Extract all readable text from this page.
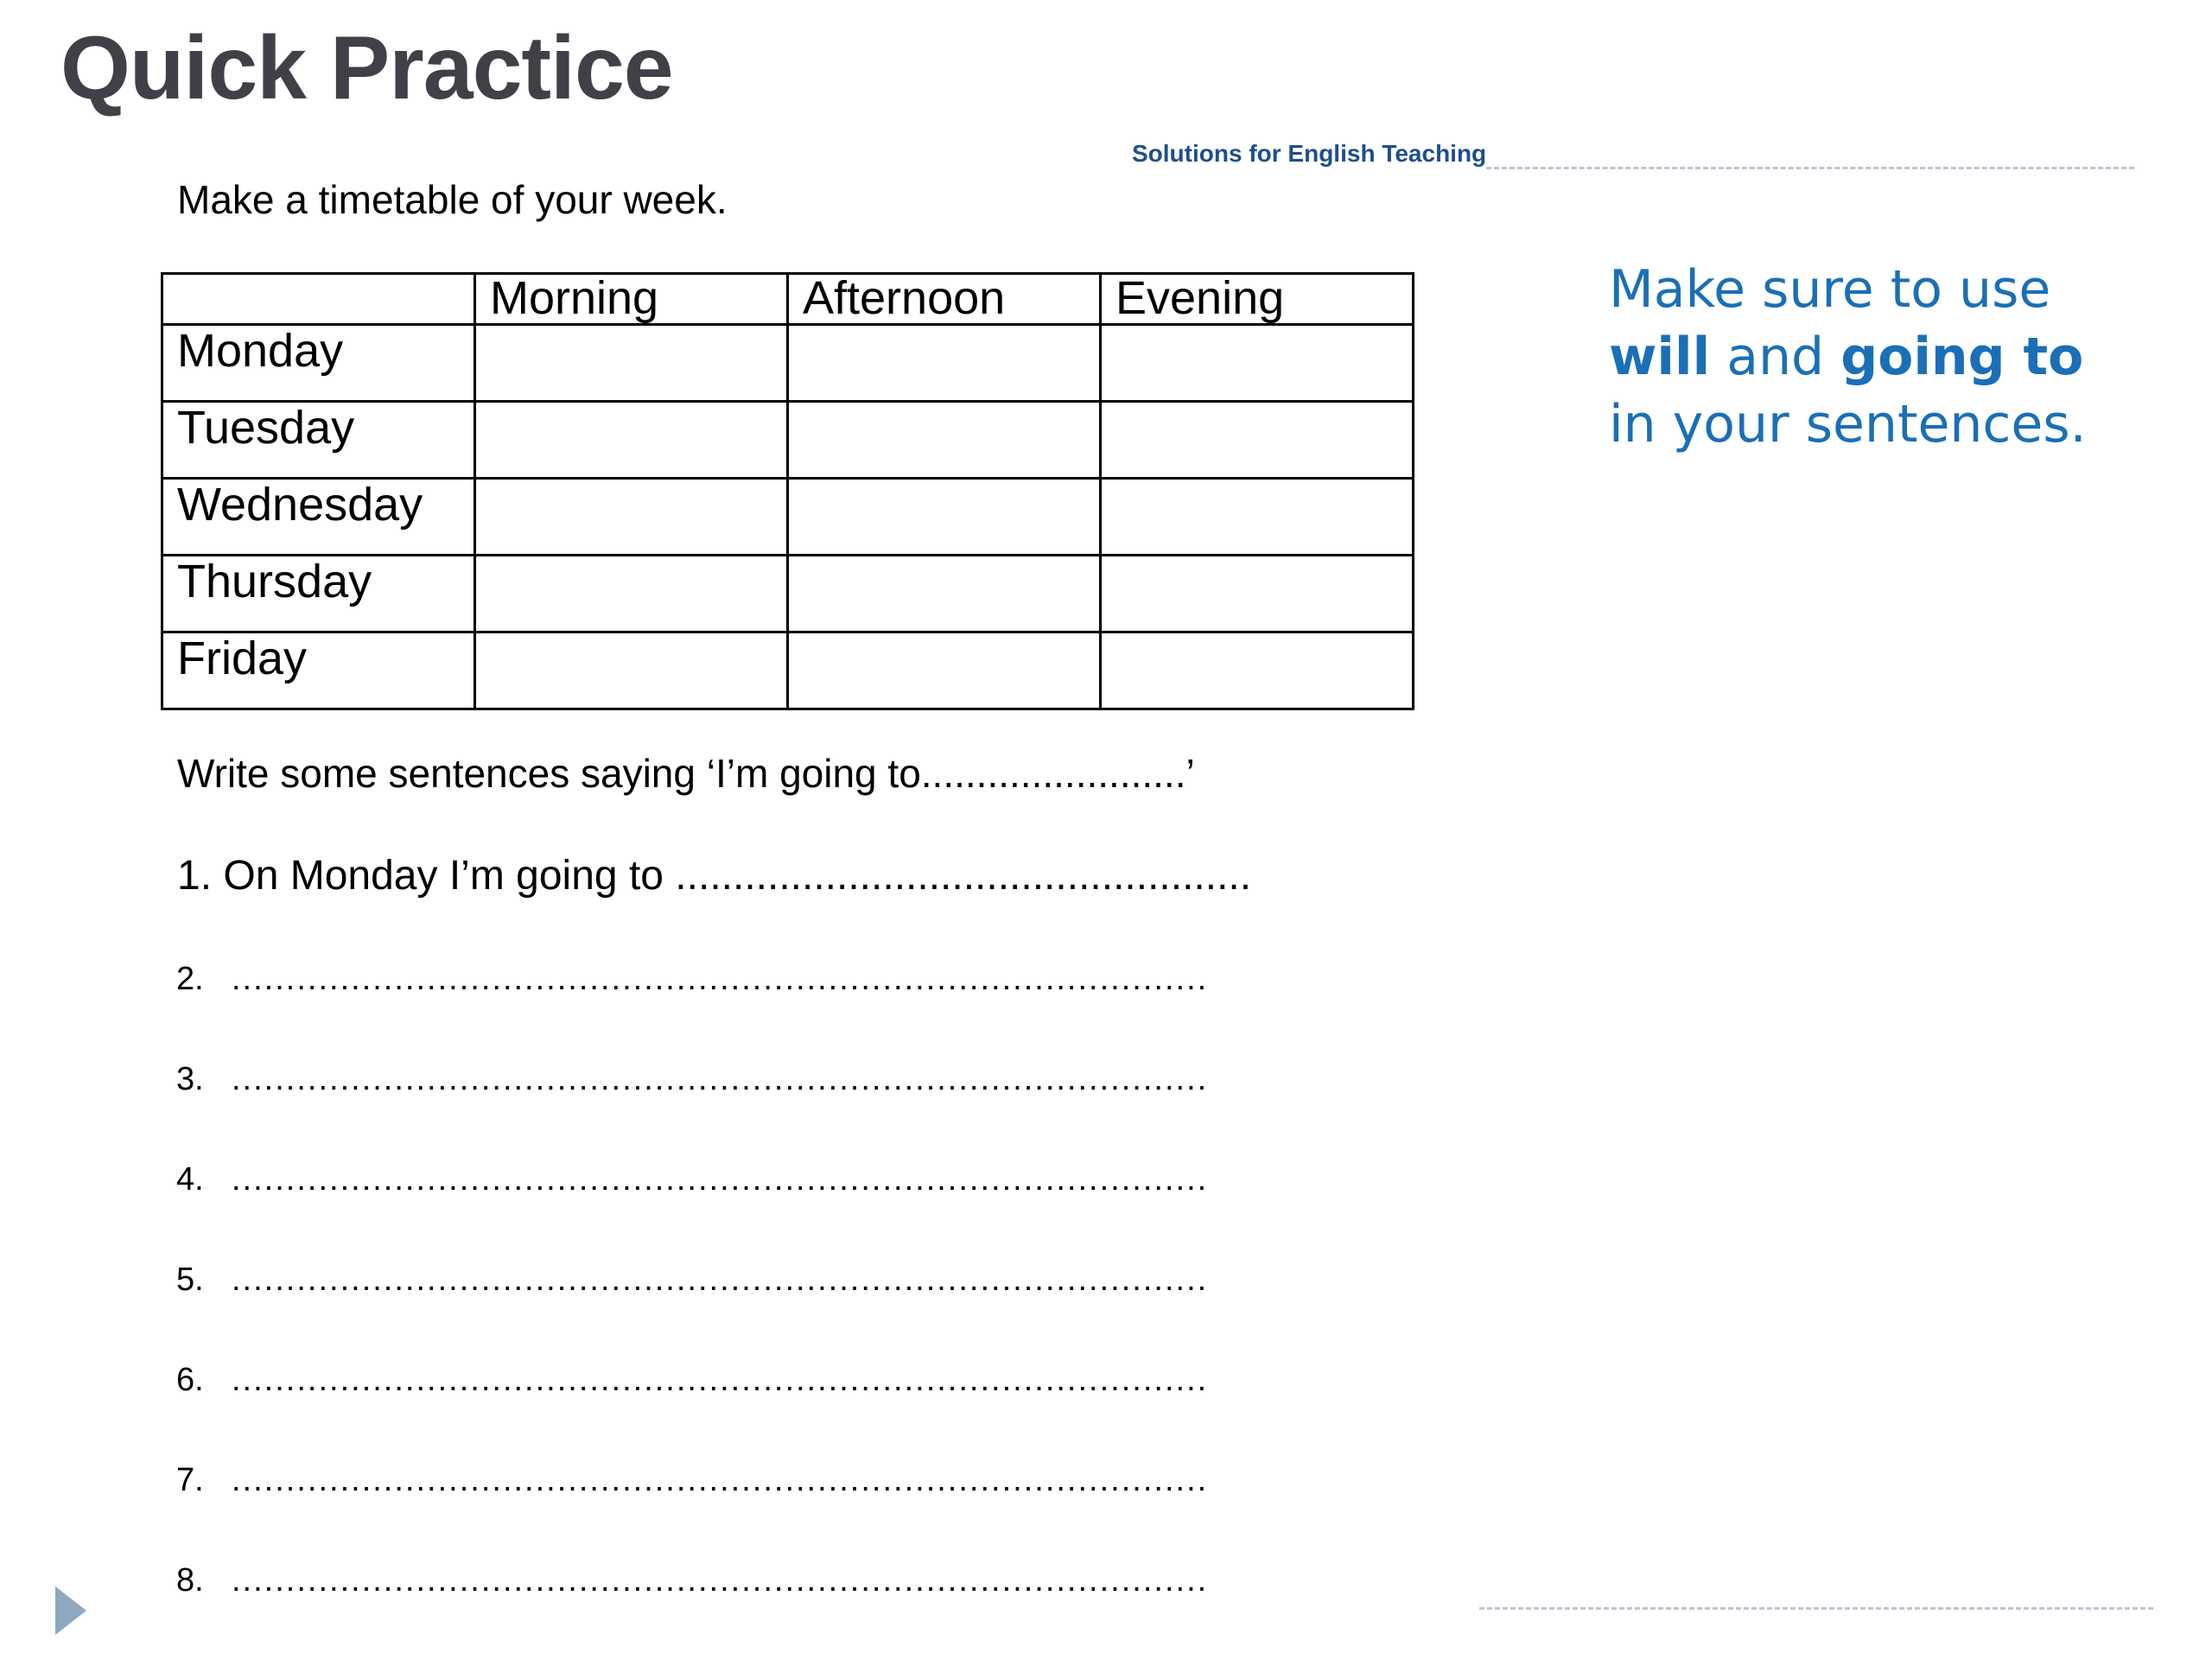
Quick Practice
Solutions for English Teaching
Make a timetable of your week.
	Morning	Afternoon	Evening
Monday			
Tuesday			
Wednesday			
Thursday			
Friday			
Write some sentences saying ‘I’m going to........................’
1. On Monday I’m going to ..................................................
2. ..........................................................................................
3. ..........................................................................................
4. ..........................................................................................
5. ..........................................................................................
6. ..........................................................................................
7. ..........................................................................................
8. ..........................................................................................
Make sure to use
will and going to
in your sentences.
